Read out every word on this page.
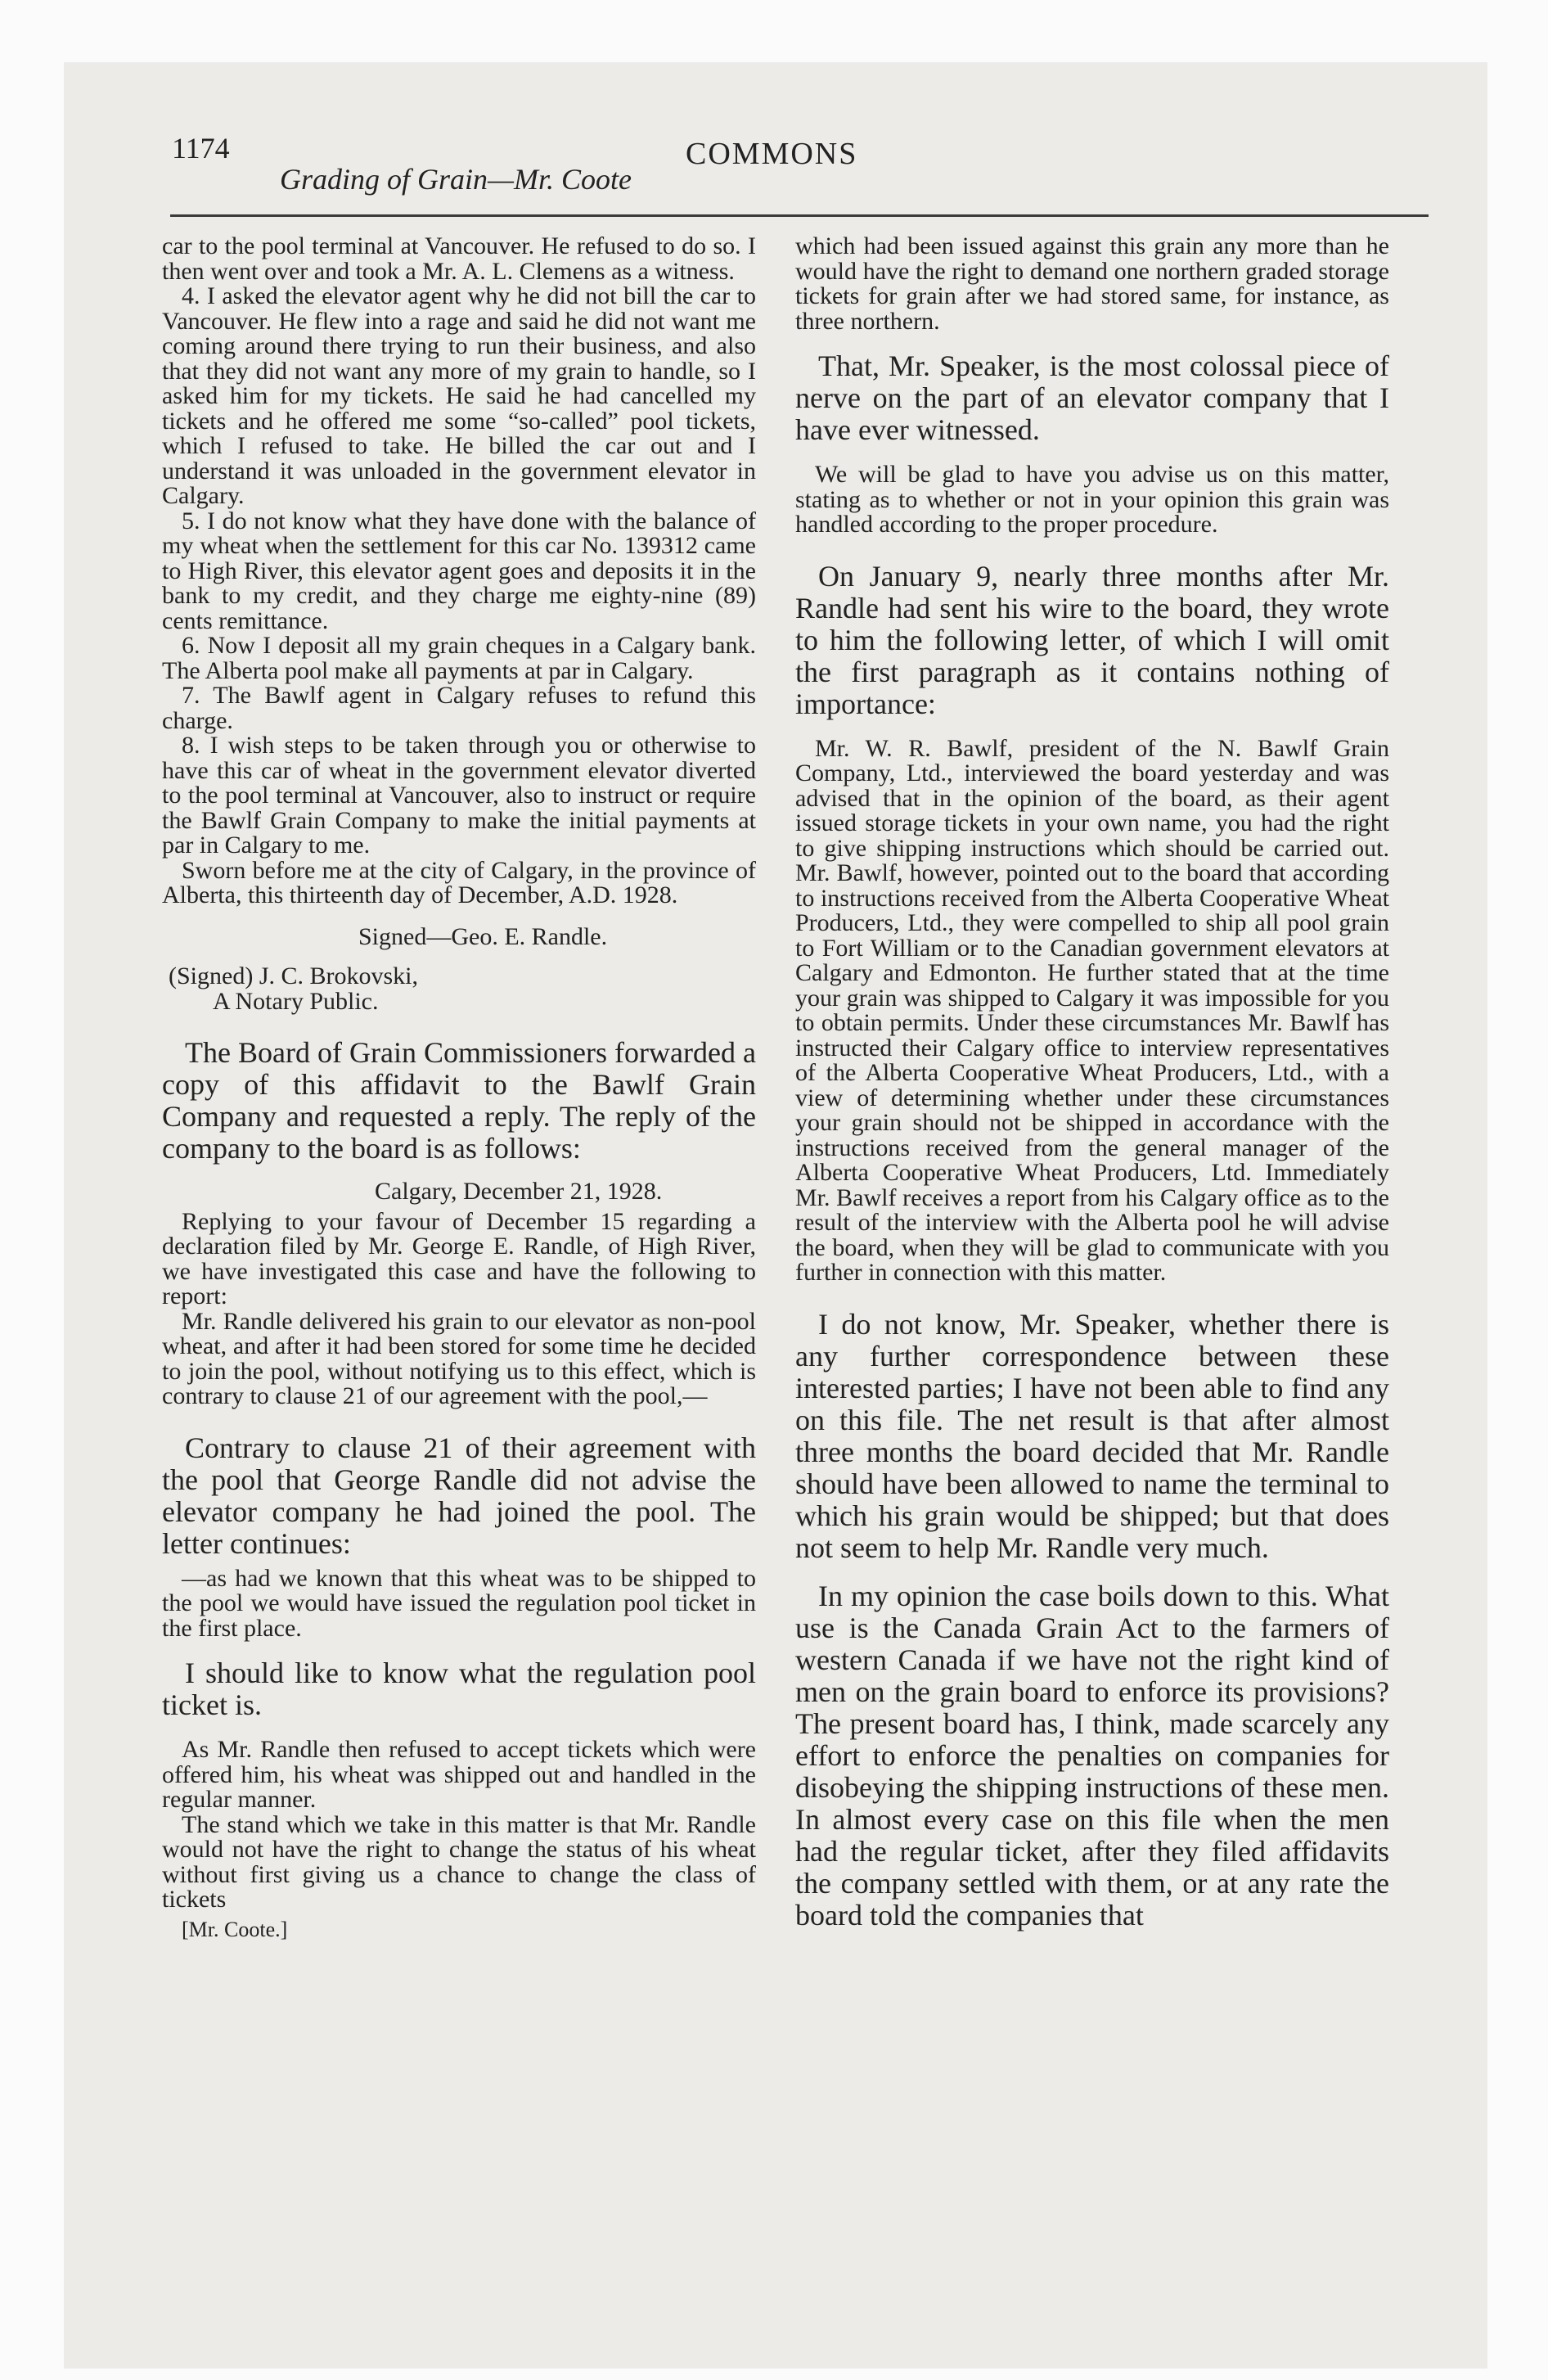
1174
Grading of Grain—Mr. Coote
COMMONS

car to the pool terminal at Vancouver. He refused to do so. I then went over and took a Mr. A. L. Clemens as a witness.

4. I asked the elevator agent why he did not bill the car to Vancouver. He flew into a rage and said he did not want me coming around there trying to run their business, and also that they did not want any more of my grain to handle, so I asked him for my tickets. He said he had cancelled my tickets and he offered me some “so-called” pool tickets, which I refused to take. He billed the car out and I understand it was unloaded in the government elevator in Calgary.

5. I do not know what they have done with the balance of my wheat when the settlement for this car No. 139312 came to High River, this elevator agent goes and deposits it in the bank to my credit, and they charge me eighty-nine (89) cents remittance.

6. Now I deposit all my grain cheques in a Calgary bank. The Alberta pool make all payments at par in Calgary.

7. The Bawlf agent in Calgary refuses to refund this charge.

8. I wish steps to be taken through you or otherwise to have this car of wheat in the government elevator diverted to the pool terminal at Vancouver, also to instruct or require the Bawlf Grain Company to make the initial payments at par in Calgary to me.

Sworn before me at the city of Calgary, in the province of Alberta, this thirteenth day of December, A.D. 1928.

Signed—Geo. E. Randle.

(Signed) J. C. Brokovski,

A Notary Public.

The Board of Grain Commissioners forwarded a copy of this affidavit to the Bawlf Grain Company and requested a reply. The reply of the company to the board is as follows:

Calgary, December 21, 1928.

Replying to your favour of December 15 regarding a declaration filed by Mr. George E. Randle, of High River, we have investigated this case and have the following to report:

Mr. Randle delivered his grain to our elevator as non-pool wheat, and after it had been stored for some time he decided to join the pool, without notifying us to this effect, which is contrary to clause 21 of our agreement with the pool,—

Contrary to clause 21 of their agreement with the pool that George Randle did not advise the elevator company he had joined the pool. The letter continues:

—as had we known that this wheat was to be shipped to the pool we would have issued the regulation pool ticket in the first place.

I should like to know what the regulation pool ticket is.

As Mr. Randle then refused to accept tickets which were offered him, his wheat was shipped out and handled in the regular manner.

The stand which we take in this matter is that Mr. Randle would not have the right to change the status of his wheat without first giving us a chance to change the class of tickets

[Mr. Coote.]

which had been issued against this grain any more than he would have the right to demand one northern graded storage tickets for grain after we had stored same, for instance, as three northern.

That, Mr. Speaker, is the most colossal piece of nerve on the part of an elevator company that I have ever witnessed.

We will be glad to have you advise us on this matter, stating as to whether or not in your opinion this grain was handled according to the proper procedure.

On January 9, nearly three months after Mr. Randle had sent his wire to the board, they wrote to him the following letter, of which I will omit the first paragraph as it contains nothing of importance:

Mr. W. R. Bawlf, president of the N. Bawlf Grain Company, Ltd., interviewed the board yesterday and was advised that in the opinion of the board, as their agent issued storage tickets in your own name, you had the right to give shipping instructions which should be carried out. Mr. Bawlf, however, pointed out to the board that according to instructions received from the Alberta Cooperative Wheat Producers, Ltd., they were compelled to ship all pool grain to Fort William or to the Canadian government elevators at Calgary and Edmonton. He further stated that at the time your grain was shipped to Calgary it was impossible for you to obtain permits. Under these circumstances Mr. Bawlf has instructed their Calgary office to interview representatives of the Alberta Cooperative Wheat Producers, Ltd., with a view of determining whether under these circumstances your grain should not be shipped in accordance with the instructions received from the general manager of the Alberta Cooperative Wheat Producers, Ltd. Immediately Mr. Bawlf receives a report from his Calgary office as to the result of the interview with the Alberta pool he will advise the board, when they will be glad to communicate with you further in connection with this matter.

I do not know, Mr. Speaker, whether there is any further correspondence between these interested parties; I have not been able to find any on this file. The net result is that after almost three months the board decided that Mr. Randle should have been allowed to name the terminal to which his grain would be shipped; but that does not seem to help Mr. Randle very much.

In my opinion the case boils down to this. What use is the Canada Grain Act to the farmers of western Canada if we have not the right kind of men on the grain board to enforce its provisions? The present board has, I think, made scarcely any effort to enforce the penalties on companies for disobeying the shipping instructions of these men. In almost every case on this file when the men had the regular ticket, after they filed affidavits the company settled with them, or at any rate the board told the companies that
